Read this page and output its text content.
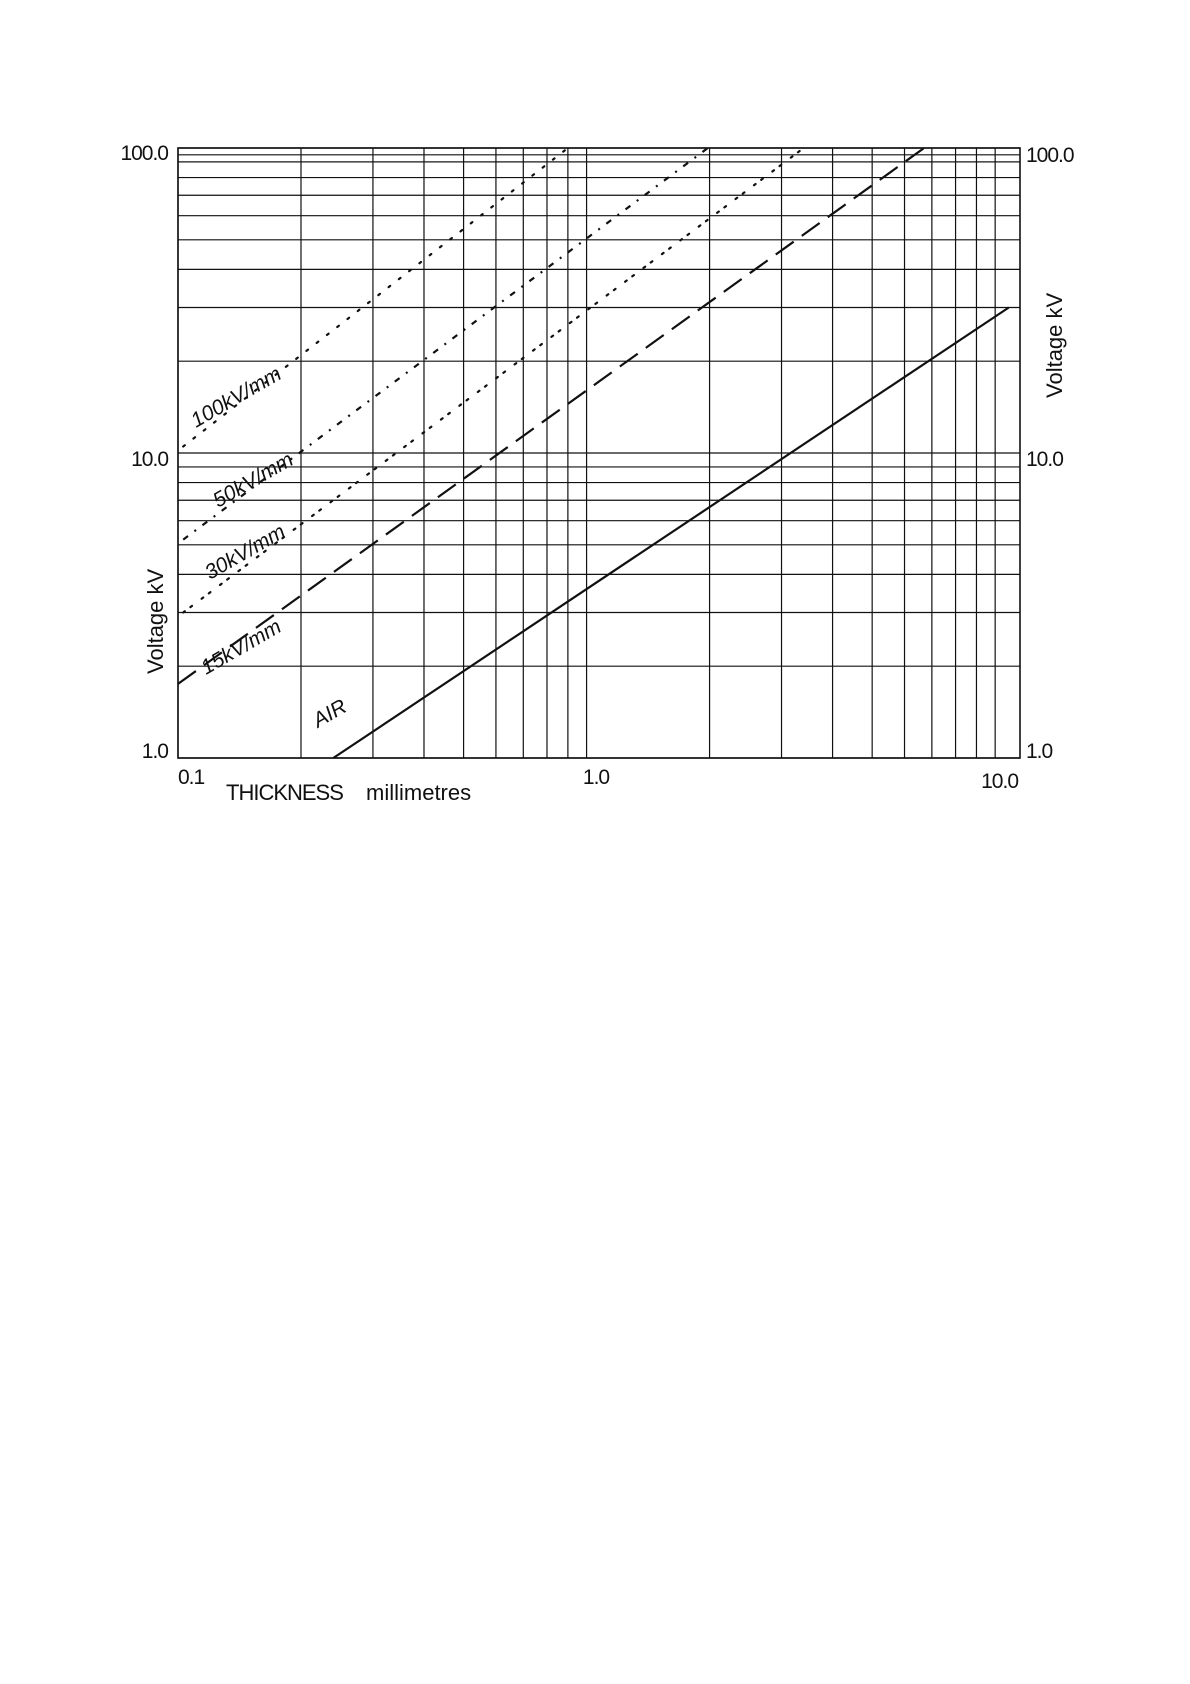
100.0
10.0
1.0
100.0
10.0
1.0
0.1	1.0	10.0
THICKNESS millimetres
Voltage kV
Voltage kV
100kV/mm
50kV/mm
30kV/mm
15kV/mm
AIR
